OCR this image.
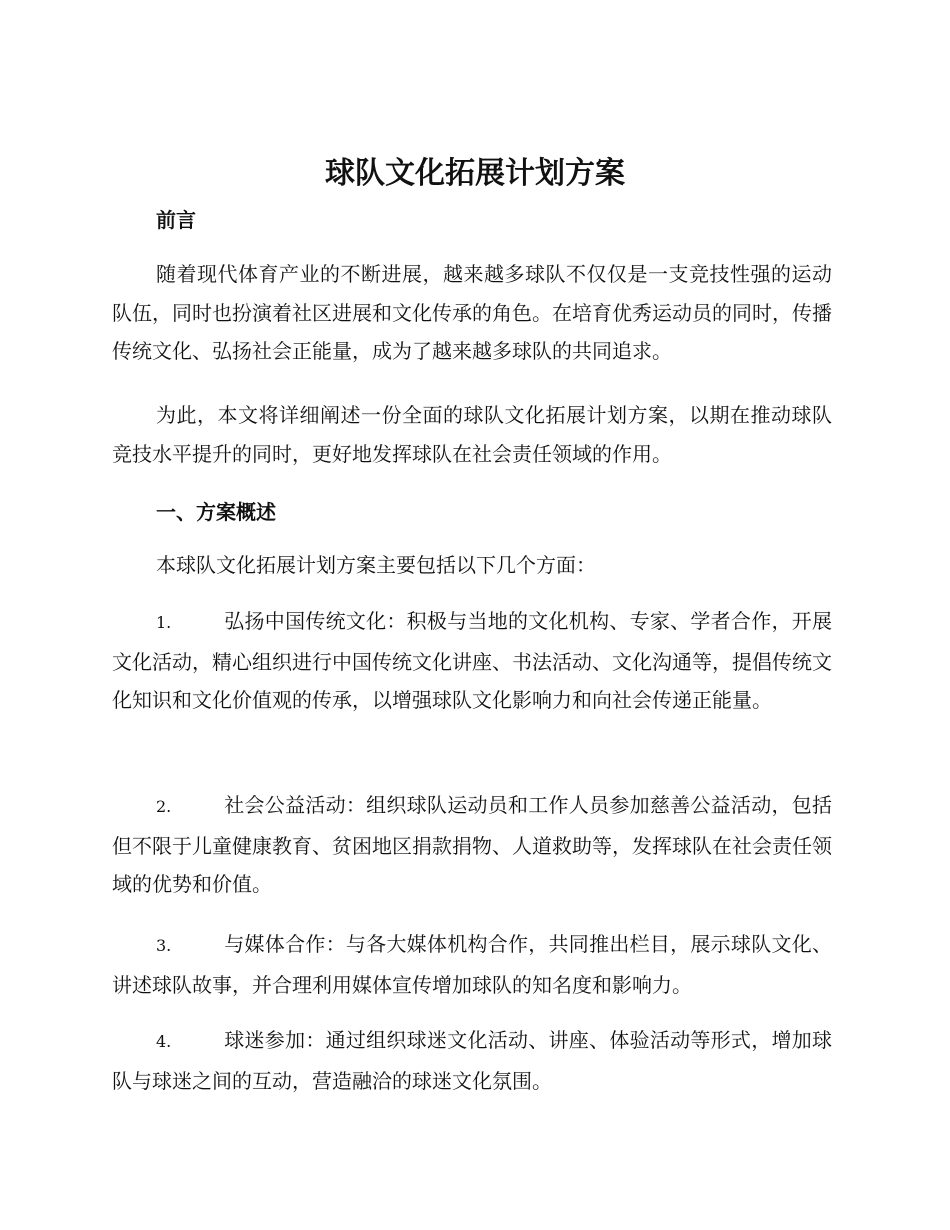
球队文化拓展计划方案
前言
随着现代体育产业的不断进展，越来越多球队不仅仅是一支竞技性强的运动队伍，同时也扮演着社区进展和文化传承的角色。在培育优秀运动员的同时，传播传统文化、弘扬社会正能量，成为了越来越多球队的共同追求。
为此，本文将详细阐述一份全面的球队文化拓展计划方案，以期在推动球队竞技水平提升的同时，更好地发挥球队在社会责任领域的作用。
一、方案概述
本球队文化拓展计划方案主要包括以下几个方面：
1.	弘扬中国传统文化：积极与当地的文化机构、专家、学者合作，开展文化活动，精心组织进行中国传统文化讲座、书法活动、文化沟通等，提倡传统文化知识和文化价值观的传承，以增强球队文化影响力和向社会传递正能量。
2.	社会公益活动：组织球队运动员和工作人员参加慈善公益活动，包括但不限于儿童健康教育、贫困地区捐款捐物、人道救助等，发挥球队在社会责任领域的优势和价值。
3.	与媒体合作：与各大媒体机构合作，共同推出栏目，展示球队文化、讲述球队故事，并合理利用媒体宣传增加球队的知名度和影响力。
4.	球迷参加：通过组织球迷文化活动、讲座、体验活动等形式，增加球队与球迷之间的互动，营造融洽的球迷文化氛围。
